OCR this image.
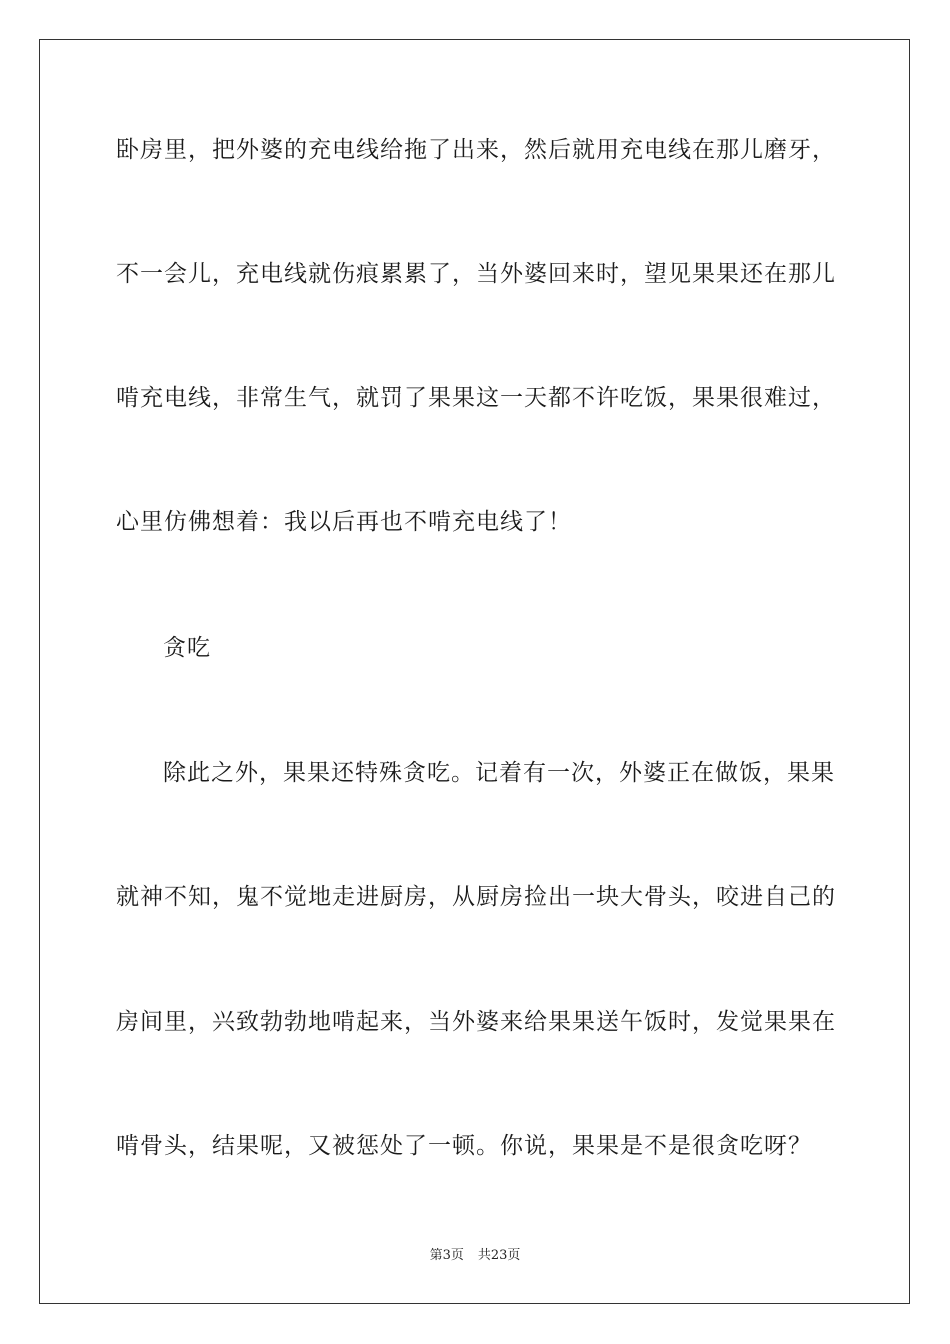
卧房里，把外婆的充电线给拖了出来，然后就用充电线在那儿磨牙，
不一会儿，充电线就伤痕累累了，当外婆回来时，望见果果还在那儿
啃充电线，非常生气，就罚了果果这一天都不许吃饭，果果很难过，
心里仿佛想着：我以后再也不啃充电线了！
贪吃
除此之外，果果还特殊贪吃。记着有一次，外婆正在做饭，果果
就神不知，鬼不觉地走进厨房，从厨房捡出一块大骨头，咬进自己的
房间里，兴致勃勃地啃起来，当外婆来给果果送午饭时，发觉果果在
啃骨头，结果呢，又被惩处了一顿。你说，果果是不是很贪吃呀？
第3页 共23页
